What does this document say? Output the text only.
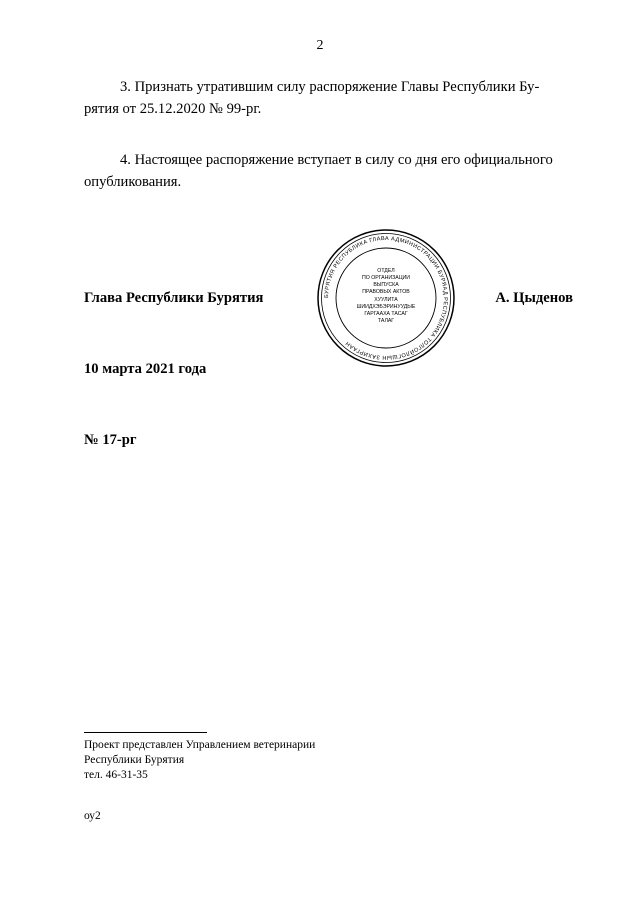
2
3. Признать утратившим силу распоряжение Главы Республики Бу-
рятия от 25.12.2020 № 99-рг.
4. Настоящее распоряжение вступает в силу со дня его официального
опубликования.
Глава Республики Бурятия	А. Цыденов
БУРЯТИЯ РЕСПУБЛИКА ГЛАВА АДМИНИСТРАЦИИ БУРЯАД РЕСПУБЛИКА ТОЛГОЙЛОГШЫН ЗАХИРГААН
ОТДЕЛ
ПО ОРГАНИЗАЦИИ
ВЫПУСКА
ПРАВОВЫХ АКТОВ
ХУУЛИТА
ШИИДХЭБЭРИНУУДЫЕ
ГАРГААХА ТАСАГ
ТАЛАГ
10 марта 2021 года
№ 17-рг
Проект представлен Управлением ветеринарии
Республики Бурятия
тел. 46-31-35
оу2
